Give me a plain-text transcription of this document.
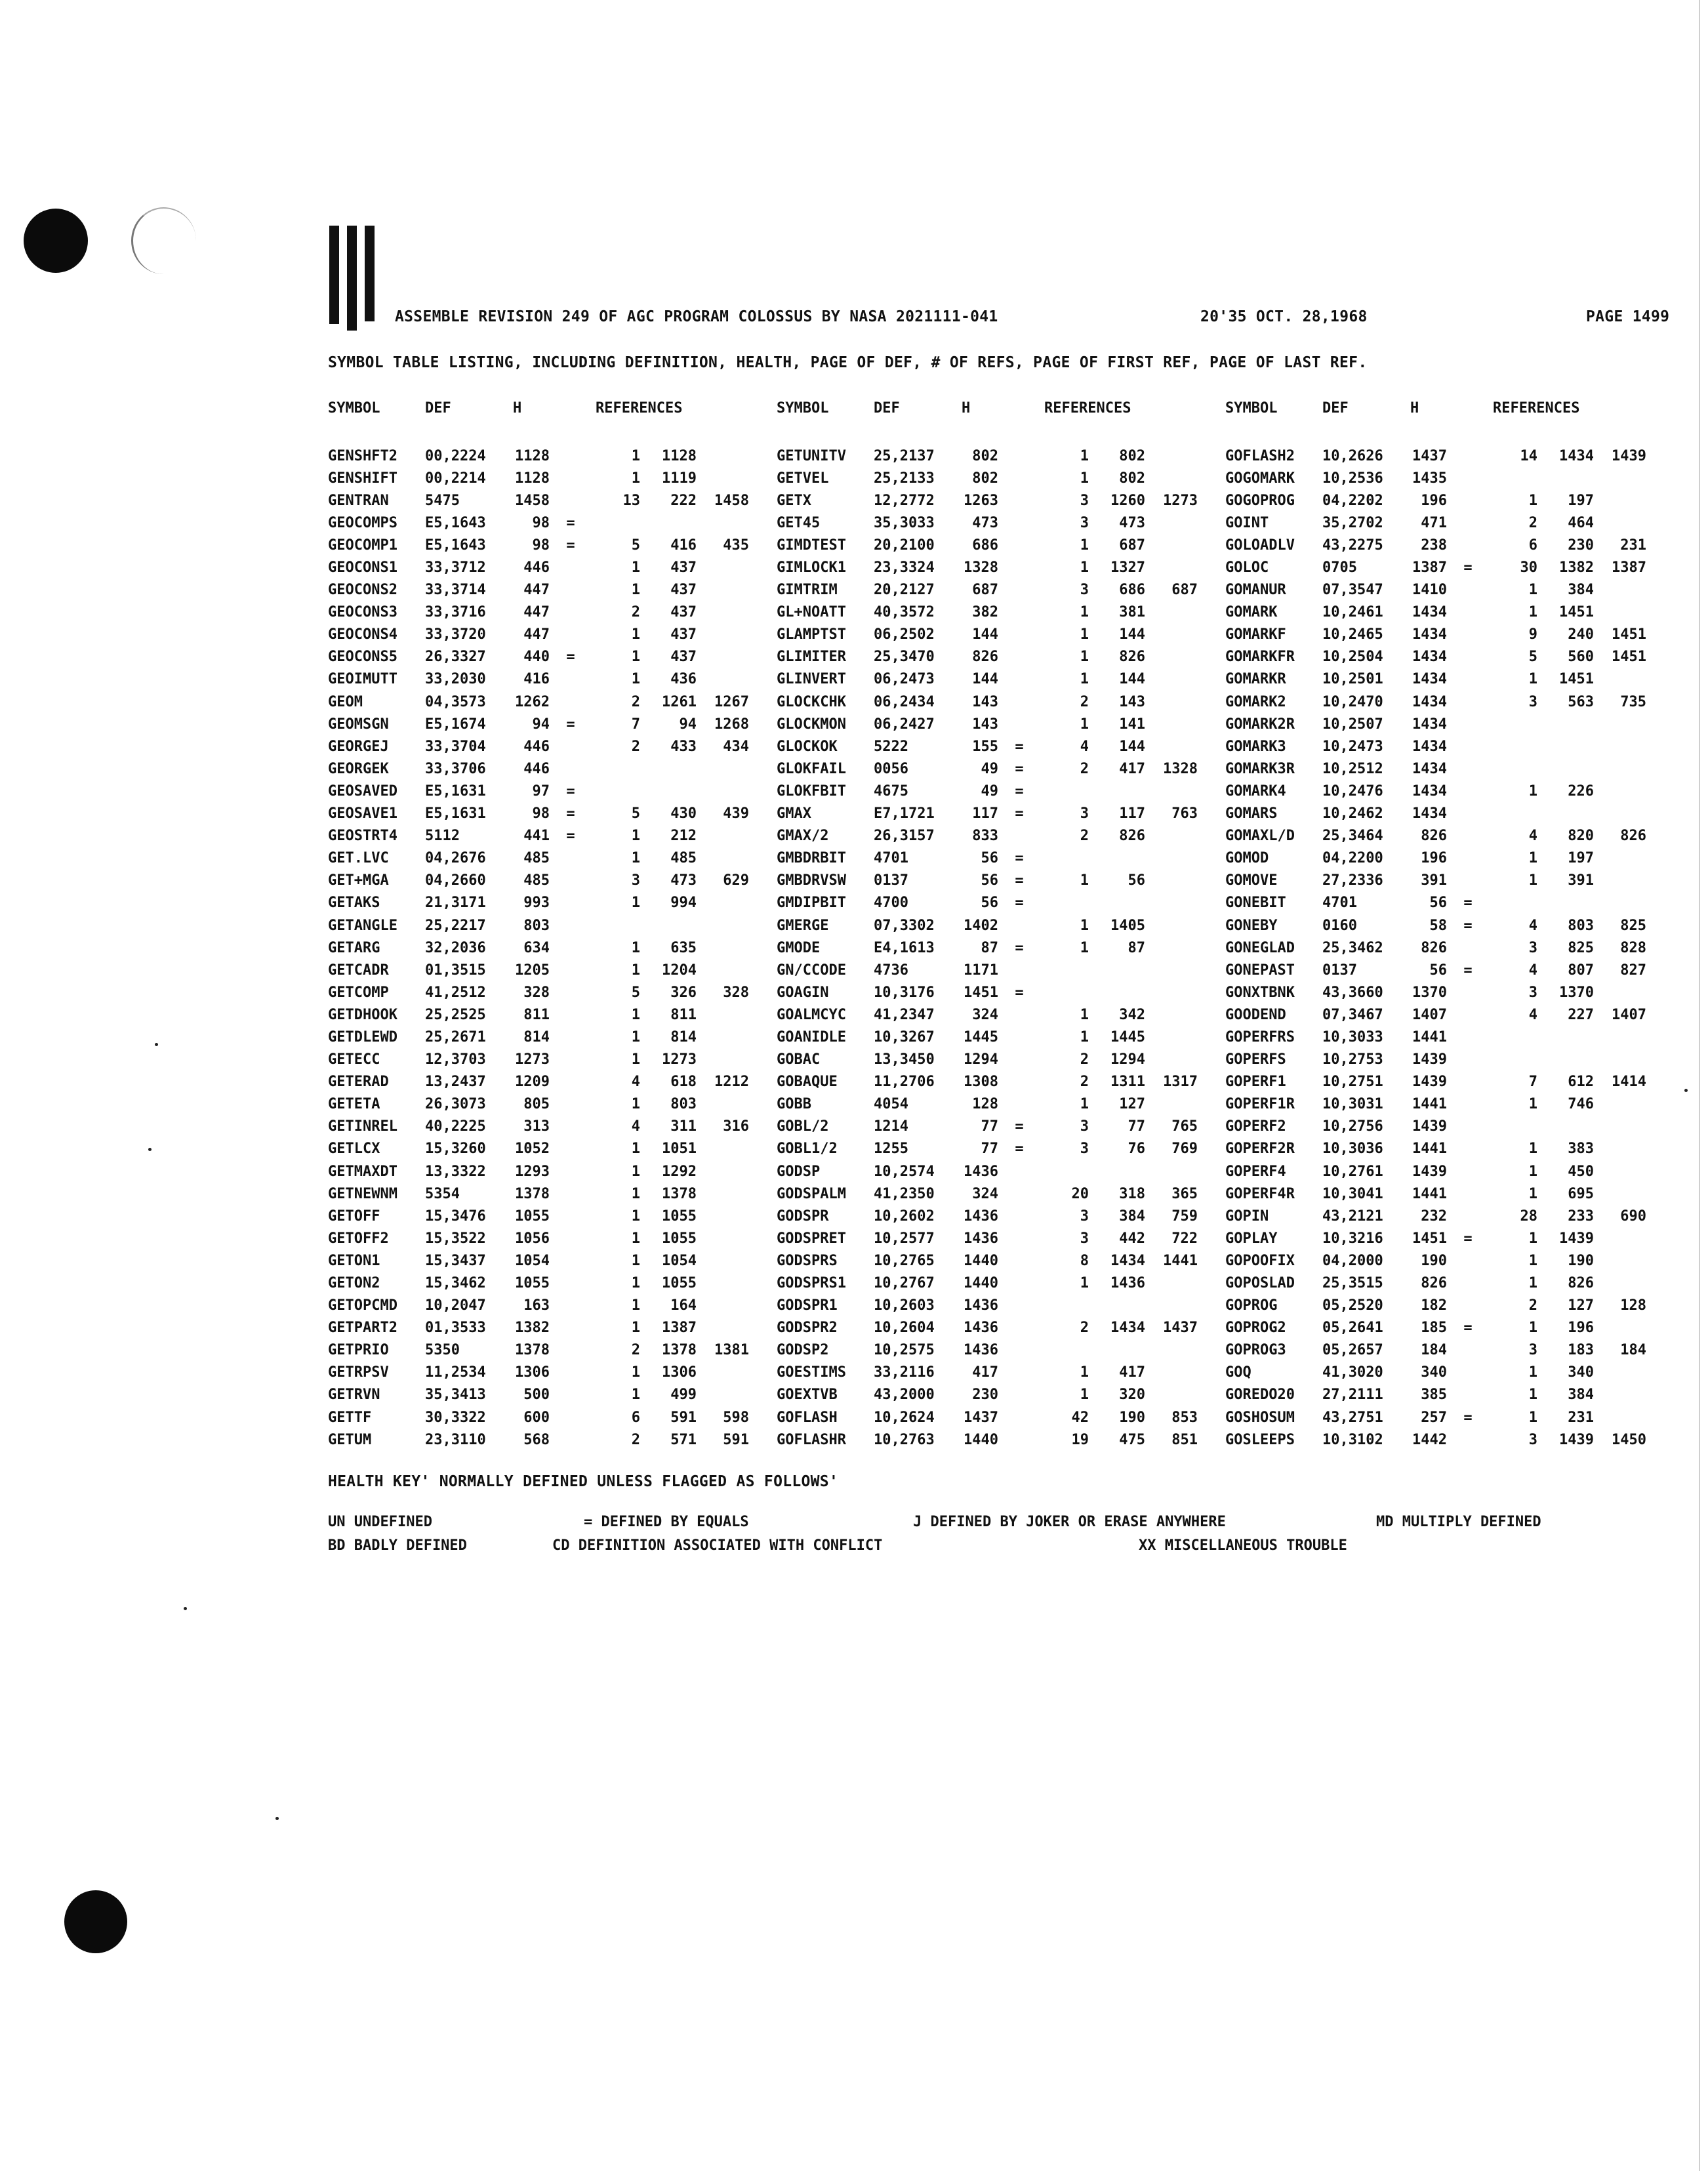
ASSEMBLE REVISION 249 OF AGC PROGRAM COLOSSUS BY NASA 2021111-041	20'35 OCT. 28,1968	PAGE 1499
SYMBOL TABLE LISTING, INCLUDING DEFINITION, HEALTH, PAGE OF DEF, # OF REFS, PAGE OF FIRST REF, PAGE OF LAST REF.
SYMBOL	DEF	H	REFERENCES
GENSHFT2	00,2224	1128	1	1128
GENSHIFT	00,2214	1128	1	1119
GENTRAN	5475	1458	13	222	1458
GEOCOMPS	E5,1643	98	=
GEOCOMP1	E5,1643	98	=	5	416	435
GEOCONS1	33,3712	446	1	437
GEOCONS2	33,3714	447	1	437
GEOCONS3	33,3716	447	2	437
GEOCONS4	33,3720	447	1	437
GEOCONS5	26,3327	440	=	1	437
GEOIMUTT	33,2030	416	1	436
GEOM	04,3573	1262	2	1261	1267
GEOMSGN	E5,1674	94	=	7	94	1268
GEORGEJ	33,3704	446	2	433	434
GEORGEK	33,3706	446
GEOSAVED	E5,1631	97	=
GEOSAVE1	E5,1631	98	=	5	430	439
GEOSTRT4	5112	441	=	1	212
GET.LVC	04,2676	485	1	485
GET+MGA	04,2660	485	3	473	629
GETAKS	21,3171	993	1	994
GETANGLE	25,2217	803
GETARG	32,2036	634	1	635
GETCADR	01,3515	1205	1	1204
GETCOMP	41,2512	328	5	326	328
GETDHOOK	25,2525	811	1	811
GETDLEWD	25,2671	814	1	814
GETECC	12,3703	1273	1	1273
GETERAD	13,2437	1209	4	618	1212
GETETA	26,3073	805	1	803
GETINREL	40,2225	313	4	311	316
GETLCX	15,3260	1052	1	1051
GETMAXDT	13,3322	1293	1	1292
GETNEWNM	5354	1378	1	1378
GETOFF	15,3476	1055	1	1055
GETOFF2	15,3522	1056	1	1055
GETON1	15,3437	1054	1	1054
GETON2	15,3462	1055	1	1055
GETOPCMD	10,2047	163	1	164
GETPART2	01,3533	1382	1	1387
GETPRIO	5350	1378	2	1378	1381
GETRPSV	11,2534	1306	1	1306
GETRVN	35,3413	500	1	499
GETTF	30,3322	600	6	591	598
GETUM	23,3110	568	2	571	591
SYMBOL	DEF	H	REFERENCES
GETUNITV	25,2137	802	1	802
GETVEL	25,2133	802	1	802
GETX	12,2772	1263	3	1260	1273
GET45	35,3033	473	3	473
GIMDTEST	20,2100	686	1	687
GIMLOCK1	23,3324	1328	1	1327
GIMTRIM	20,2127	687	3	686	687
GL+NOATT	40,3572	382	1	381
GLAMPTST	06,2502	144	1	144
GLIMITER	25,3470	826	1	826
GLINVERT	06,2473	144	1	144
GLOCKCHK	06,2434	143	2	143
GLOCKMON	06,2427	143	1	141
GLOCKOK	5222	155	=	4	144
GLOKFAIL	0056	49	=	2	417	1328
GLOKFBIT	4675	49	=
GMAX	E7,1721	117	=	3	117	763
GMAX/2	26,3157	833	2	826
GMBDRBIT	4701	56	=
GMBDRVSW	0137	56	=	1	56
GMDIPBIT	4700	56	=
GMERGE	07,3302	1402	1	1405
GMODE	E4,1613	87	=	1	87
GN/CCODE	4736	1171
GOAGIN	10,3176	1451	=
GOALMCYC	41,2347	324	1	342
GOANIDLE	10,3267	1445	1	1445
GOBAC	13,3450	1294	2	1294
GOBAQUE	11,2706	1308	2	1311	1317
GOBB	4054	128	1	127
GOBL/2	1214	77	=	3	77	765
GOBL1/2	1255	77	=	3	76	769
GODSP	10,2574	1436
GODSPALM	41,2350	324	20	318	365
GODSPR	10,2602	1436	3	384	759
GODSPRET	10,2577	1436	3	442	722
GODSPRS	10,2765	1440	8	1434	1441
GODSPRS1	10,2767	1440	1	1436
GODSPR1	10,2603	1436
GODSPR2	10,2604	1436	2	1434	1437
GODSP2	10,2575	1436
GOESTIMS	33,2116	417	1	417
GOEXTVB	43,2000	230	1	320
GOFLASH	10,2624	1437	42	190	853
GOFLASHR	10,2763	1440	19	475	851
SYMBOL	DEF	H	REFERENCES
GOFLASH2	10,2626	1437	14	1434	1439
GOGOMARK	10,2536	1435
GOGOPROG	04,2202	196	1	197
GOINT	35,2702	471	2	464
GOLOADLV	43,2275	238	6	230	231
GOLOC	0705	1387	=	30	1382	1387
GOMANUR	07,3547	1410	1	384
GOMARK	10,2461	1434	1	1451
GOMARKF	10,2465	1434	9	240	1451
GOMARKFR	10,2504	1434	5	560	1451
GOMARKR	10,2501	1434	1	1451
GOMARK2	10,2470	1434	3	563	735
GOMARK2R	10,2507	1434
GOMARK3	10,2473	1434
GOMARK3R	10,2512	1434
GOMARK4	10,2476	1434	1	226
GOMARS	10,2462	1434
GOMAXL/D	25,3464	826	4	820	826
GOMOD	04,2200	196	1	197
GOMOVE	27,2336	391	1	391
GONEBIT	4701	56	=
GONEBY	0160	58	=	4	803	825
GONEGLAD	25,3462	826	3	825	828
GONEPAST	0137	56	=	4	807	827
GONXTBNK	43,3660	1370	3	1370
GOODEND	07,3467	1407	4	227	1407
GOPERFRS	10,3033	1441
GOPERFS	10,2753	1439
GOPERF1	10,2751	1439	7	612	1414
GOPERF1R	10,3031	1441	1	746
GOPERF2	10,2756	1439
GOPERF2R	10,3036	1441	1	383
GOPERF4	10,2761	1439	1	450
GOPERF4R	10,3041	1441	1	695
GOPIN	43,2121	232	28	233	690
GOPLAY	10,3216	1451	=	1	1439
GOPOOFIX	04,2000	190	1	190
GOPOSLAD	25,3515	826	1	826
GOPROG	05,2520	182	2	127	128
GOPROG2	05,2641	185	=	1	196
GOPROG3	05,2657	184	3	183	184
GOQ	41,3020	340	1	340
GOREDO20	27,2111	385	1	384
GOSHOSUM	43,2751	257	=	1	231
GOSLEEPS	10,3102	1442	3	1439	1450
HEALTH KEY' NORMALLY DEFINED UNLESS FLAGGED AS FOLLOWS'
UN UNDEFINED	= DEFINED BY EQUALS	J DEFINED BY JOKER OR ERASE ANYWHERE	MD MULTIPLY DEFINED
BD BADLY DEFINED	CD DEFINITION ASSOCIATED WITH CONFLICT	XX MISCELLANEOUS TROUBLE
